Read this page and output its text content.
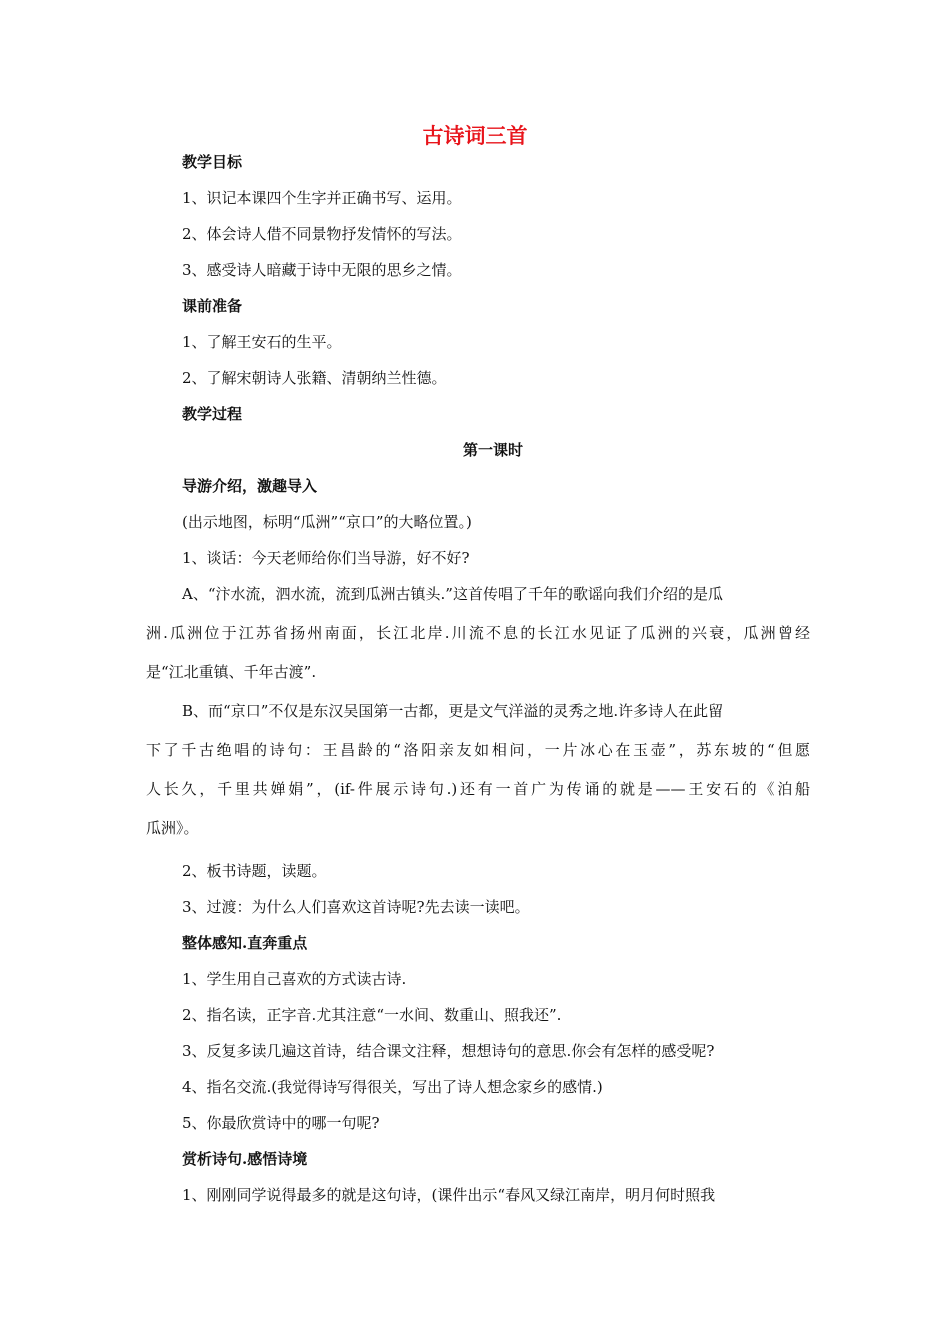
古诗词三首
教学目标
1、识记本课四个生字并正确书写、运用。
2、体会诗人借不同景物抒发情怀的写法。
3、感受诗人暗藏于诗中无限的思乡之情。
课前准备
1、了解王安石的生平。
2、了解宋朝诗人张籍、清朝纳兰性德。
教学过程
第一课时
导游介绍，激趣导入
(出示地图，标明“瓜洲”“京口”的大略位置。)
1、谈话：今天老师给你们当导游，好不好?
A、“汴水流，泗水流，流到瓜洲古镇头.”这首传唱了千年的歌谣向我们介绍的是瓜
洲.瓜洲位于江苏省扬州南面，长江北岸.川流不息的长江水见证了瓜洲的兴衰，瓜洲曾经
是“江北重镇、千年古渡”.
B、而“京口”不仅是东汉吴国第一古都，更是文气洋溢的灵秀之地.许多诗人在此留
下了千古绝唱的诗句：王昌龄的“洛阳亲友如相问，一片冰心在玉壶”，苏东坡的“但愿
人长久，千里共婵娟”，(if-件展示诗句.)还有一首广为传诵的就是——王安石的《泊船
瓜洲》。
2、板书诗题，读题。
3、过渡：为什么人们喜欢这首诗呢?先去读一读吧。
整体感知.直奔重点
1、学生用自己喜欢的方式读古诗.
2、指名读，正字音.尤其注意“一水间、数重山、照我还”.
3、反复多读几遍这首诗，结合课文注释，想想诗句的意思.你会有怎样的感受呢?
4、指名交流.(我觉得诗写得很关，写出了诗人想念家乡的感情.)
5、你最欣赏诗中的哪一句呢?
赏析诗句.感悟诗境
1、刚刚同学说得最多的就是这句诗，(课件出示“春风又绿江南岸，明月何时照我
